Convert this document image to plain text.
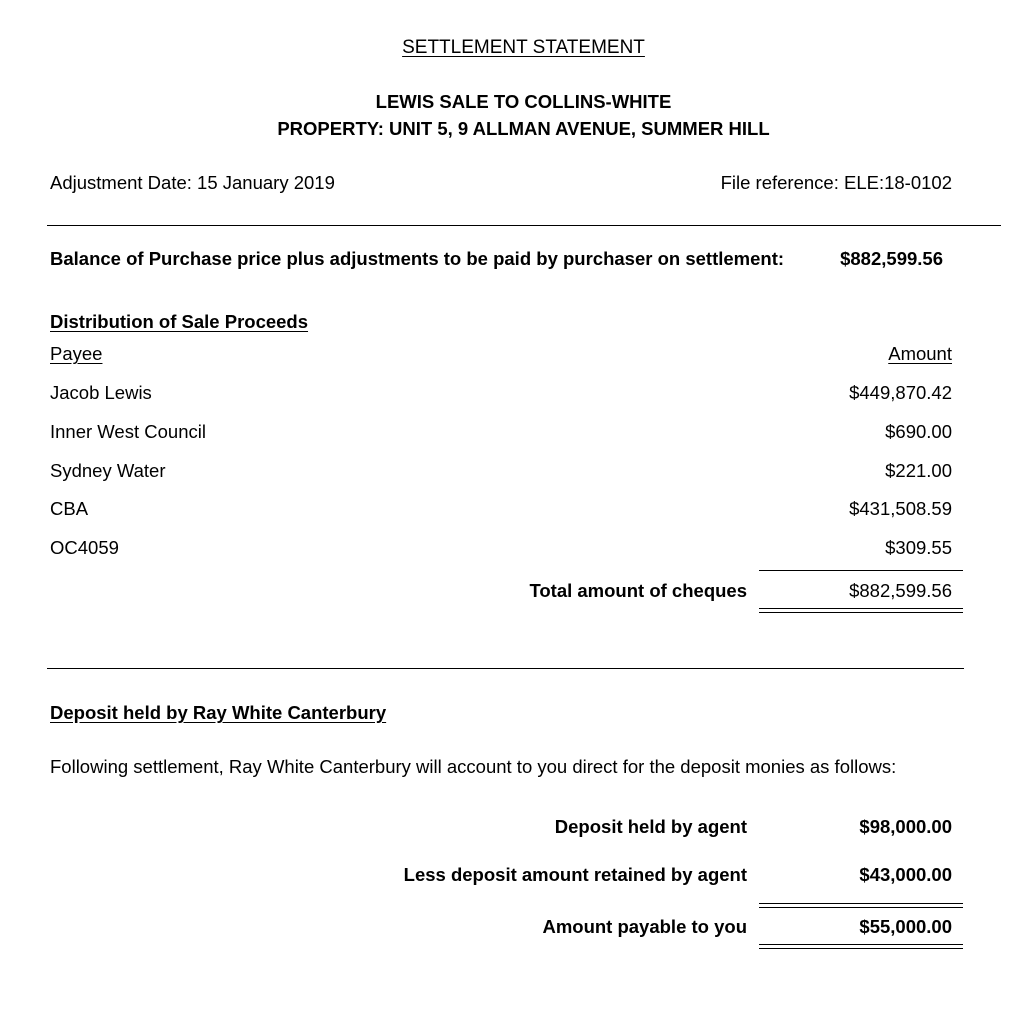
SETTLEMENT STATEMENT
LEWIS SALE TO COLLINS-WHITE
PROPERTY: UNIT 5, 9 ALLMAN AVENUE, SUMMER HILL
Adjustment Date: 15 January 2019	File reference: ELE:18-0102
Balance of Purchase price plus adjustments to be paid by purchaser on settlement:	$882,599.56
Distribution of Sale Proceeds
Payee	Amount
Jacob Lewis	$449,870.42
Inner West Council	$690.00
Sydney Water	$221.00
CBA	$431,508.59
OC4059	$309.55
Total amount of cheques	$882,599.56
Deposit held by Ray White Canterbury
Following settlement, Ray White Canterbury will account to you direct for the deposit monies as follows:
Deposit held by agent	$98,000.00
Less deposit amount retained by agent	$43,000.00
Amount payable to you	$55,000.00
